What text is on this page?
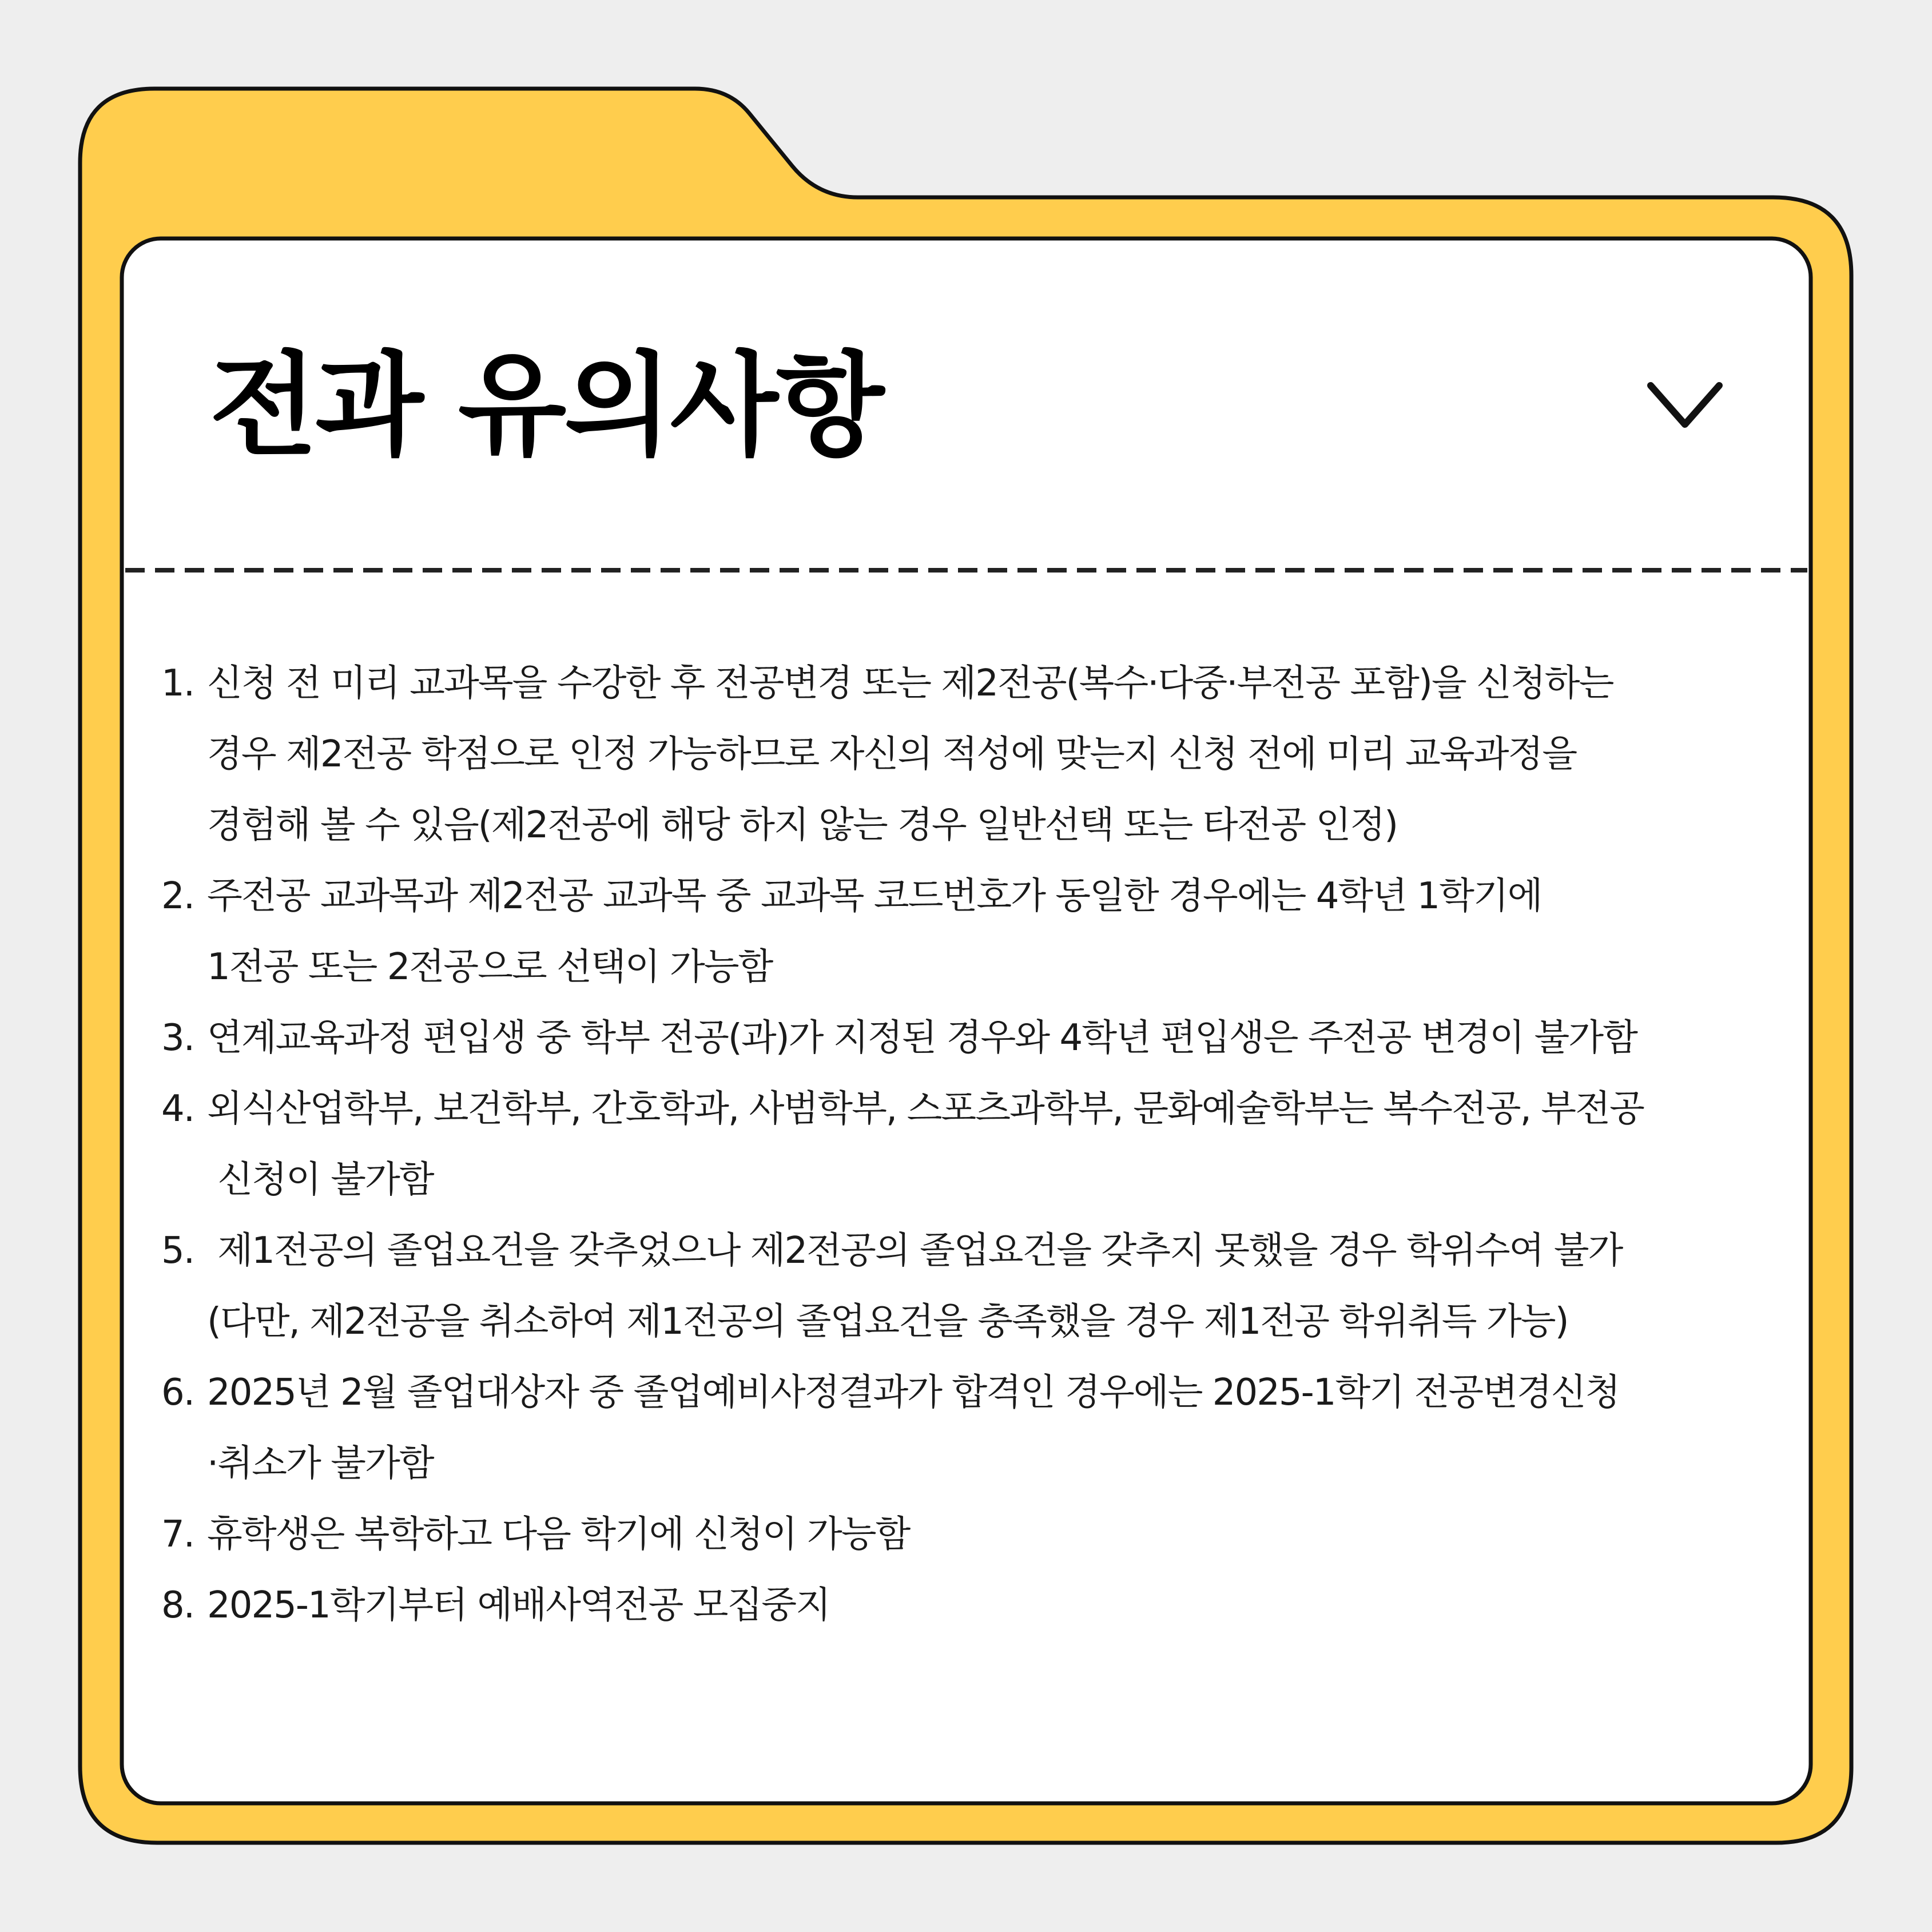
전과 유의사항
1. 신청 전 미리 교과목을 수강한 후 전공변경 또는 제2전공(복수·다중·부전공 포함)을 신청하는
경우 제2전공 학점으로 인정 가능하므로 자신의 적성에 맞는지 신청 전에 미리 교육과정을
경험해 볼 수 있음(제2전공에 해당 하지 않는 경우 일반선택 또는 타전공 인정)
2. 주전공 교과목과 제2전공 교과목 중 교과목 코드번호가 동일한 경우에는 4학년 1학기에
1전공 또는 2전공으로 선택이 가능함
3. 연계교육과정 편입생 중 학부 전공(과)가 지정된 경우와 4학년 편입생은 주전공 변경이 불가함
4. 외식산업학부, 보건학부, 간호학과, 사범학부, 스포츠과학부, 문화예술학부는 복수전공, 부전공
신청이 불가함
5. 제1전공의 졸업요건을 갖추었으나 제2전공의 졸업요건을 갖추지 못했을 경우 학위수여 불가
(다만, 제2전공을 취소하여 제1전공의 졸업요건을 충족했을 경우 제1전공 학위취득 가능)
6. 2025년 2월 졸업대상자 중 졸업예비사정결과가 합격인 경우에는 2025-1학기 전공변경신청
·취소가 불가함
7. 휴학생은 복학하고 다음 학기에 신청이 가능함
8. 2025-1학기부터 예배사역전공 모집중지
